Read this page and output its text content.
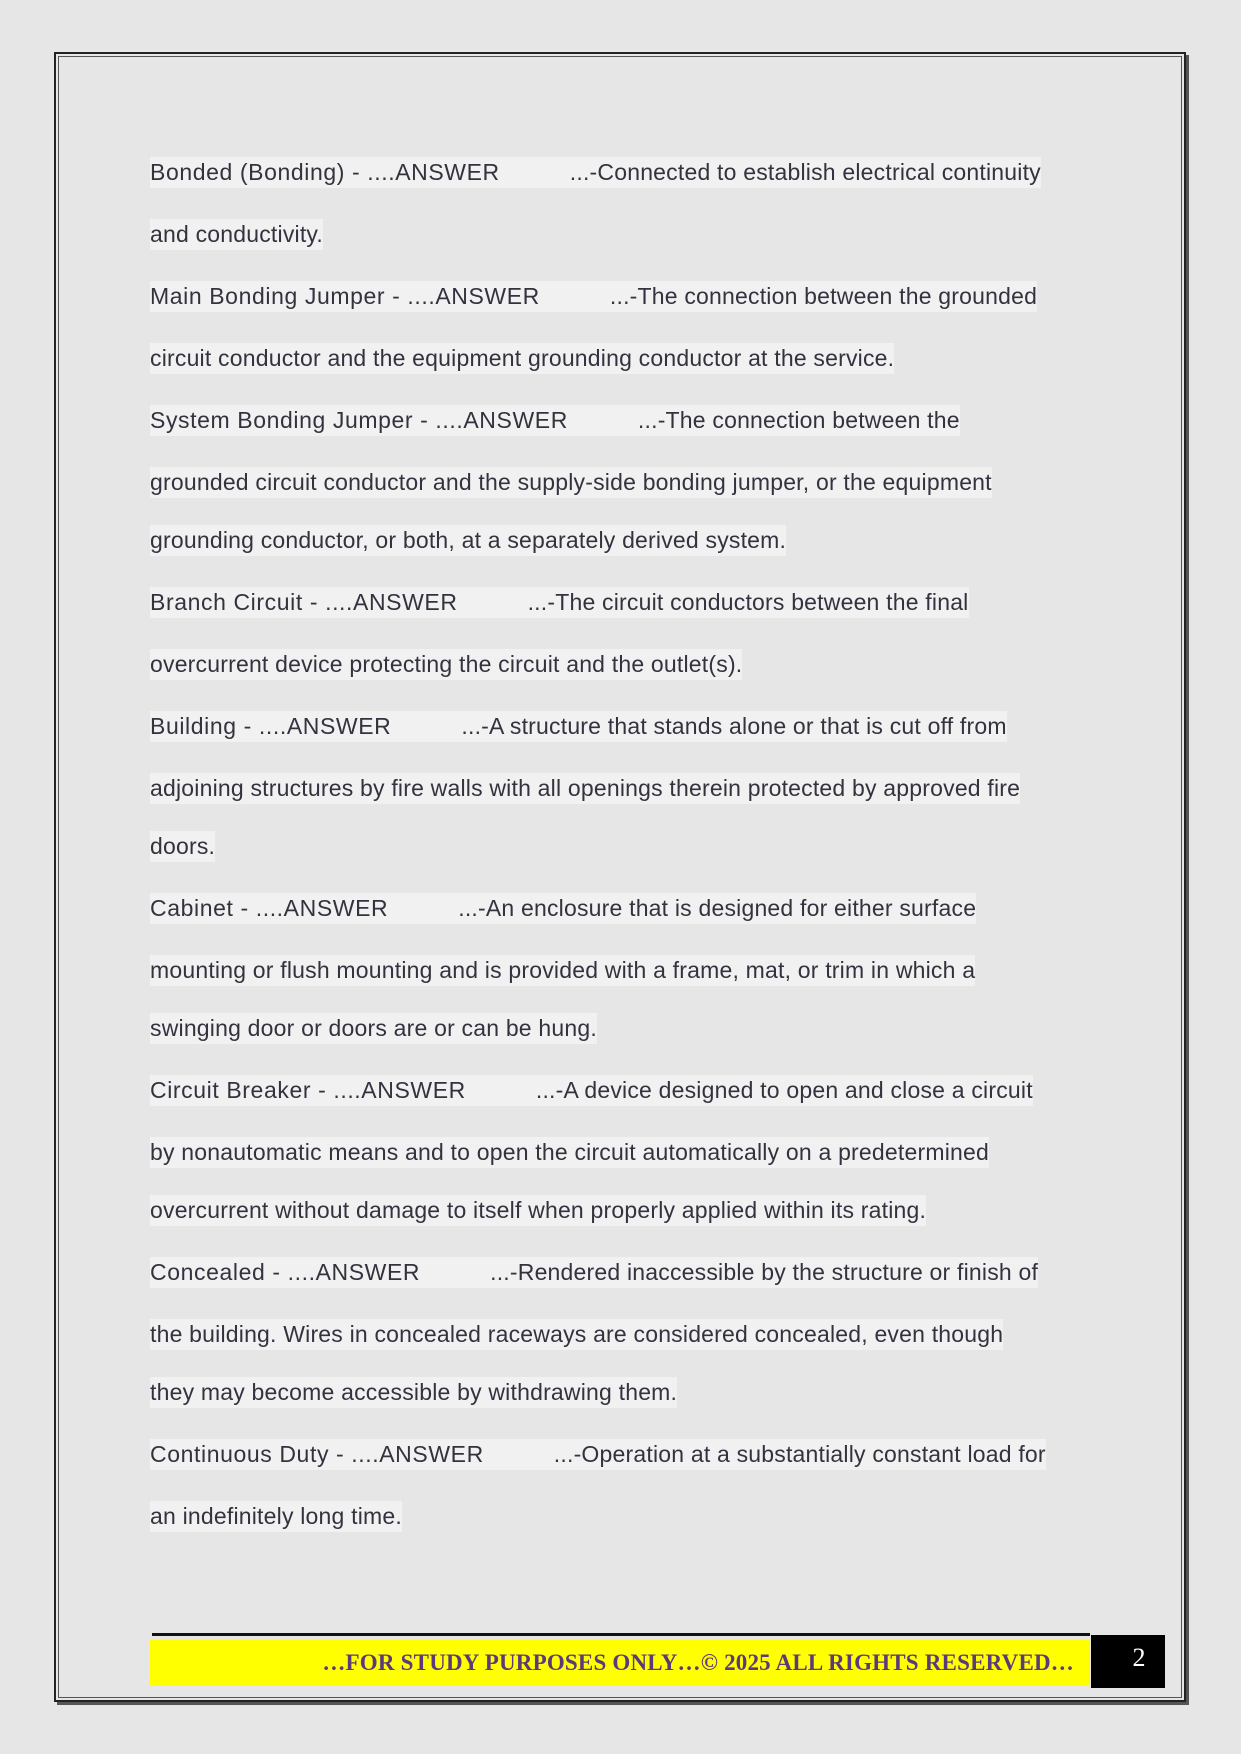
Bonded (Bonding) - ....ANSWER	...-Connected to establish electrical continuity
and conductivity.
Main Bonding Jumper - ....ANSWER	...-The connection between the grounded
circuit conductor and the equipment grounding conductor at the service.
System Bonding Jumper - ....ANSWER	...-The connection between the
grounded circuit conductor and the supply-side bonding jumper, or the equipment
grounding conductor, or both, at a separately derived system.
Branch Circuit - ....ANSWER	...-The circuit conductors between the final
overcurrent device protecting the circuit and the outlet(s).
Building - ....ANSWER	...-A structure that stands alone or that is cut off from
adjoining structures by fire walls with all openings therein protected by approved fire
doors.
Cabinet - ....ANSWER	...-An enclosure that is designed for either surface
mounting or flush mounting and is provided with a frame, mat, or trim in which a
swinging door or doors are or can be hung.
Circuit Breaker - ....ANSWER	...-A device designed to open and close a circuit
by nonautomatic means and to open the circuit automatically on a predetermined
overcurrent without damage to itself when properly applied within its rating.
Concealed - ....ANSWER	...-Rendered inaccessible by the structure or finish of
the building. Wires in concealed raceways are considered concealed, even though
they may become accessible by withdrawing them.
Continuous Duty - ....ANSWER	...-Operation at a substantially constant load for
an indefinitely long time.
…FOR STUDY PURPOSES ONLY…© 2025 ALL RIGHTS RESERVED…	2
